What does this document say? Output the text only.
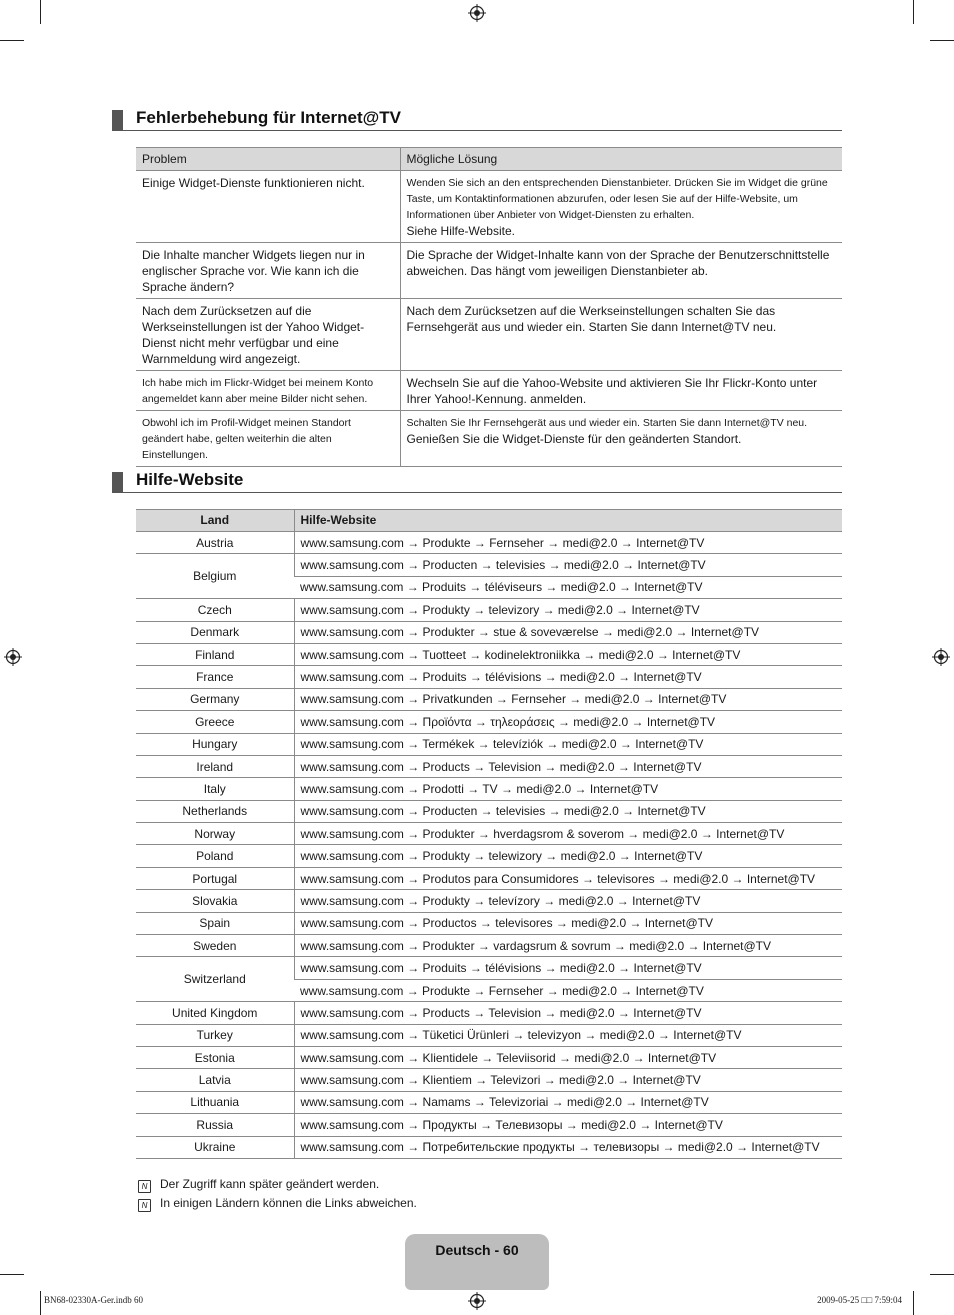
Fehlerbehebung für Internet@TV
Problem	Mögliche Lösung
Einige Widget-Dienste funktionieren nicht.	Wenden Sie sich an den entsprechenden Dienstanbieter. Drücken Sie im Widget die grüne Taste, um Kontaktinformationen abzurufen, oder lesen Sie auf der Hilfe-Website, um Informationen über Anbieter von Widget-Diensten zu erhalten.
Siehe Hilfe-Website.

Die Inhalte mancher Widgets liegen nur in englischer Sprache vor. Wie kann ich die Sprache ändern?	Die Sprache der Widget-Inhalte kann von der Sprache der Benutzerschnittstelle abweichen. Das hängt vom jeweiligen Dienstanbieter ab.
Nach dem Zurücksetzen auf die Werkseinstellungen ist der Yahoo Widget-Dienst nicht mehr verfügbar und eine Warnmeldung wird angezeigt.	Nach dem Zurücksetzen auf die Werkseinstellungen schalten Sie das Fernsehgerät aus und wieder ein. Starten Sie dann Internet@TV neu.
Ich habe mich im Flickr-Widget bei meinem Konto angemeldet kann aber meine Bilder nicht sehen.	Wechseln Sie auf die Yahoo-Website und aktivieren Sie Ihr Flickr-Konto unter Ihrer Yahoo!-Kennung. anmelden.
Obwohl ich im Profil-Widget meinen Standort geändert habe, gelten weiterhin die alten Einstellungen.	Schalten Sie Ihr Fernsehgerät aus und wieder ein. Starten Sie dann Internet@TV neu.
Genießen Sie die Widget-Dienste für den geänderten Standort.
Hilfe-Website
Land	Hilfe-Website
Austria	www.samsung.com → Produkte → Fernseher → medi@2.0 → Internet@TV
Belgium	www.samsung.com → Producten → televisies → medi@2.0 → Internet@TV
	www.samsung.com → Produits → téléviseurs → medi@2.0 → Internet@TV
Czech	www.samsung.com → Produkty → televizory → medi@2.0 → Internet@TV
Denmark	www.samsung.com → Produkter → stue & soveværelse → medi@2.0 → Internet@TV
Finland	www.samsung.com → Tuotteet → kodinelektroniikka → medi@2.0 → Internet@TV
France	www.samsung.com → Produits → télévisions → medi@2.0 → Internet@TV
Germany	www.samsung.com → Privatkunden → Fernseher → medi@2.0 → Internet@TV
Greece	www.samsung.com → Προϊόντα → τηλεοράσεις → medi@2.0 → Internet@TV
Hungary	www.samsung.com → Termékek → televíziók → medi@2.0 → Internet@TV
Ireland	www.samsung.com → Products → Television → medi@2.0 → Internet@TV
Italy	www.samsung.com → Prodotti → TV → medi@2.0 → Internet@TV
Netherlands	www.samsung.com → Producten → televisies → medi@2.0 → Internet@TV
Norway	www.samsung.com → Produkter → hverdagsrom & soverom → medi@2.0 → Internet@TV
Poland	www.samsung.com → Produkty → telewizory → medi@2.0 → Internet@TV
Portugal	www.samsung.com → Produtos para Consumidores → televisores → medi@2.0 → Internet@TV
Slovakia	www.samsung.com → Produkty → televízory → medi@2.0 → Internet@TV
Spain	www.samsung.com → Productos → televisores → medi@2.0 → Internet@TV
Sweden	www.samsung.com → Produkter → vardagsrum & sovrum → medi@2.0 → Internet@TV
Switzerland	www.samsung.com → Produits → télévisions → medi@2.0 → Internet@TV
	www.samsung.com → Produkte → Fernseher → medi@2.0 → Internet@TV
United Kingdom	www.samsung.com → Products → Television → medi@2.0 → Internet@TV
Turkey	www.samsung.com → Tüketici Ürünleri → televizyon → medi@2.0 → Internet@TV
Estonia	www.samsung.com → Klientidele → Televiisorid → medi@2.0 → Internet@TV
Latvia	www.samsung.com → Klientiem → Televizori → medi@2.0 → Internet@TV
Lithuania	www.samsung.com → Namams → Televizoriai → medi@2.0 → Internet@TV
Russia	www.samsung.com → Продукты → Телевизоры → medi@2.0 → Internet@TV
Ukraine	www.samsung.com → Потребительские продукты → телевизоры → medi@2.0 → Internet@TV
N Der Zugriff kann später geändert werden.
N In einigen Ländern können die Links abweichen.
Deutsch - 60
BN68-02330A-Ger.indb 60	2009-05-25 □□ 7:59:04
